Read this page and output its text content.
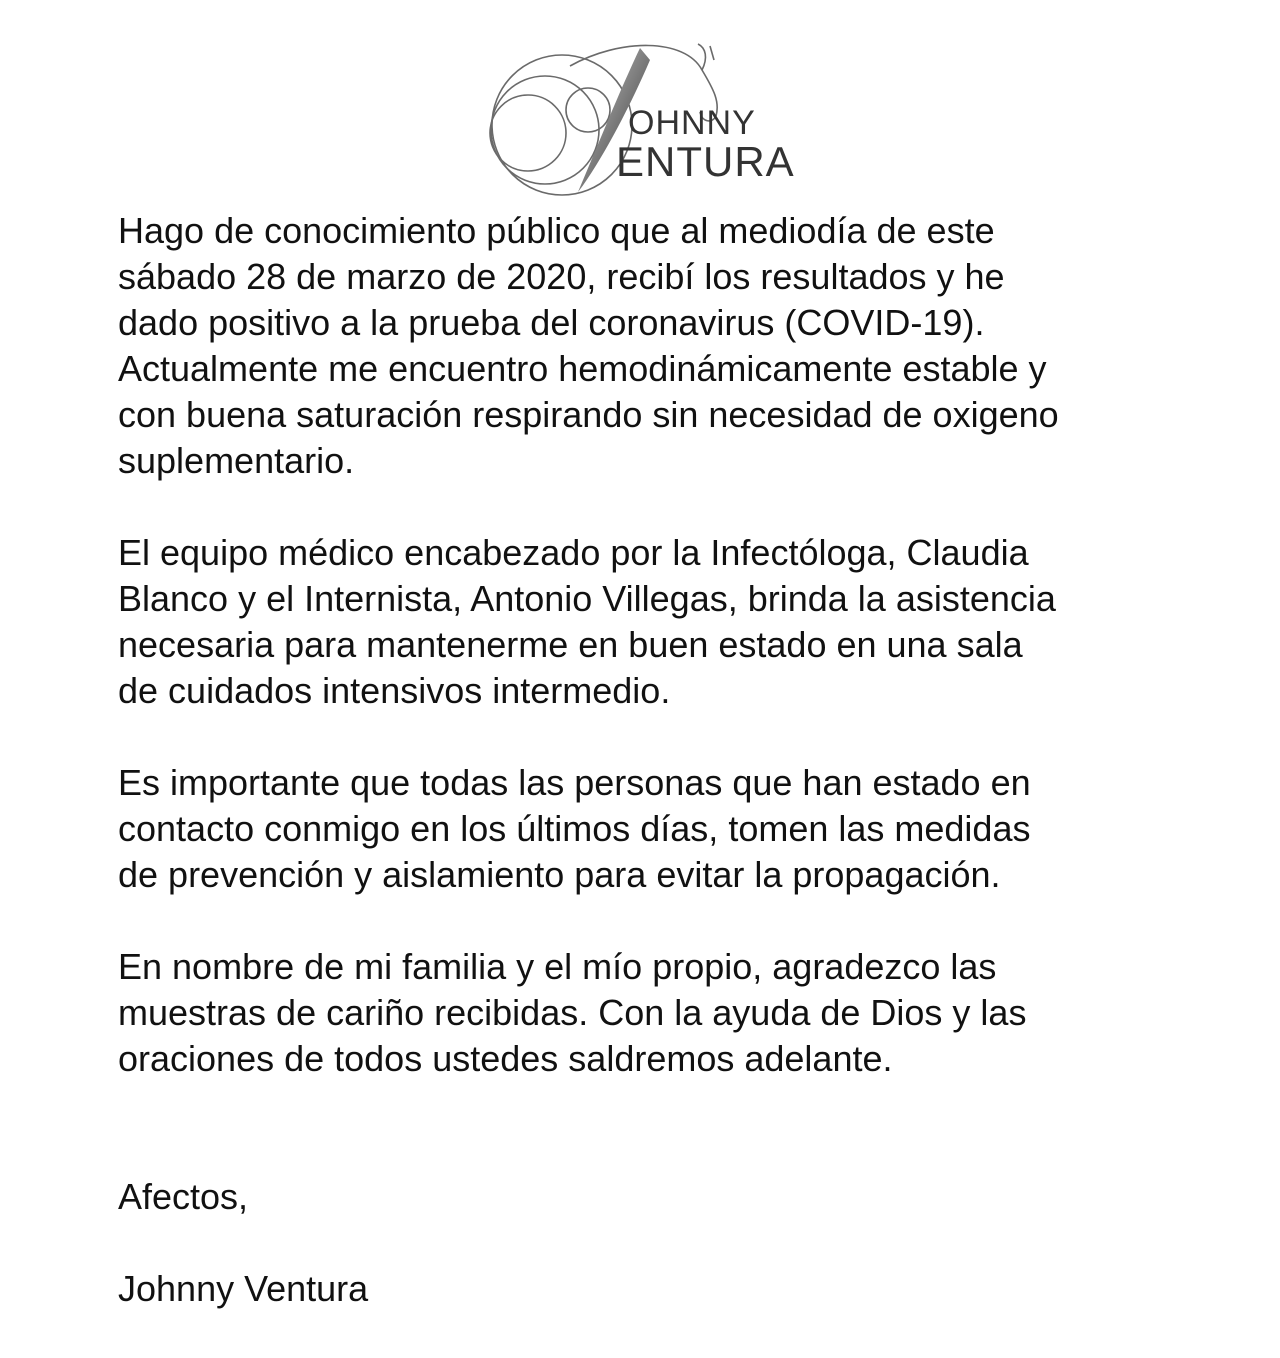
OHNNY
ENTURA

Hago de conocimiento público que al mediodía de este
sábado 28 de marzo de 2020, recibí los resultados y he
dado positivo a la prueba del coronavirus (COVID-19).
Actualmente me encuentro hemodinámicamente estable y
con buena saturación respirando sin necesidad de oxigeno
suplementario.

El equipo médico encabezado por la Infectóloga, Claudia
Blanco y el Internista, Antonio Villegas, brinda la asistencia
necesaria para mantenerme en buen estado en una sala
de cuidados intensivos intermedio.

Es importante que todas las personas que han estado en
contacto conmigo en los últimos días, tomen las medidas
de prevención y aislamiento para evitar la propagación.

En nombre de mi familia y el mío propio, agradezco las
muestras de cariño recibidas. Con la ayuda de Dios y las
oraciones de todos ustedes saldremos adelante.

Afectos,

Johnny Ventura
